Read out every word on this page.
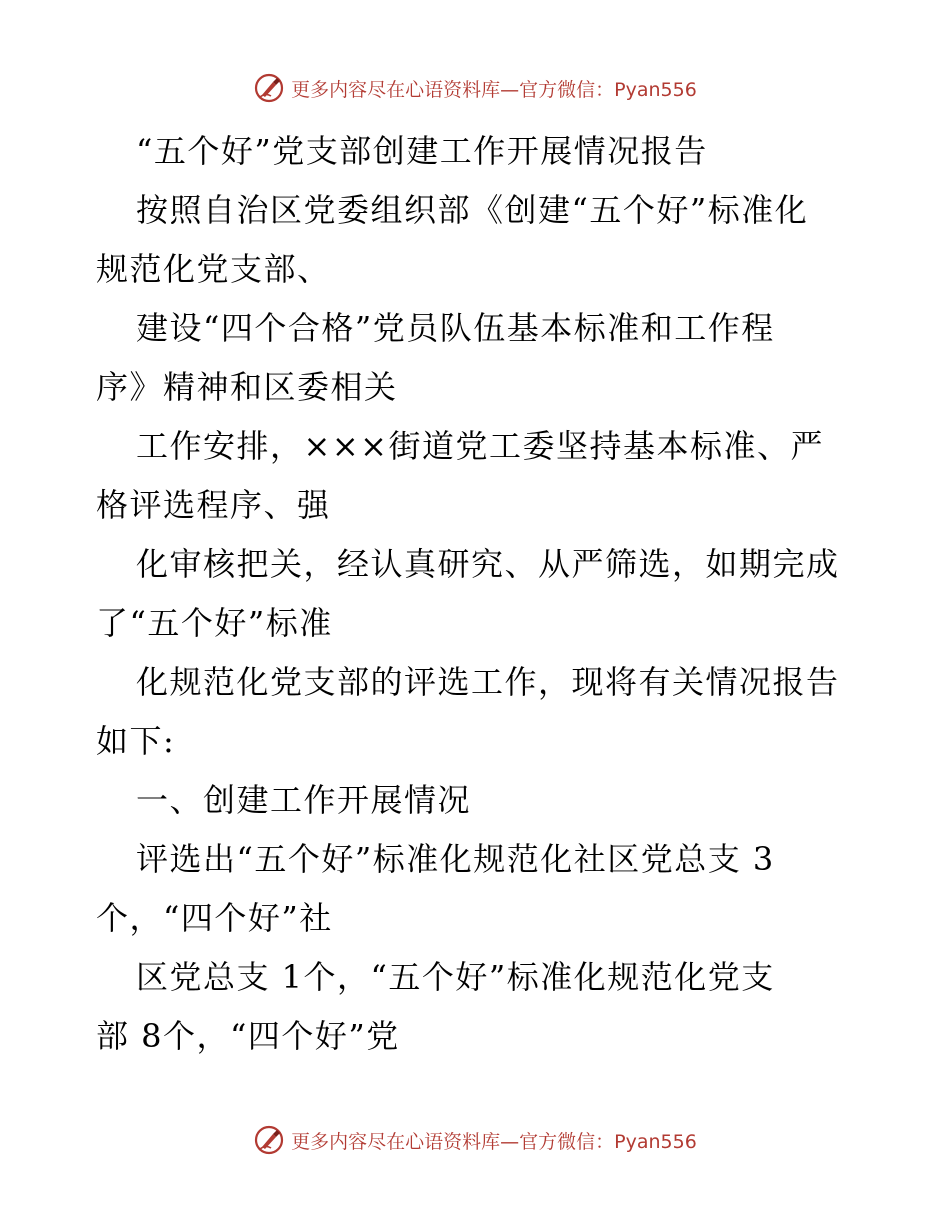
更多内容尽在心语资料库—官方微信：Pyan556
“五个好”党支部创建工作开展情况报告
按照自治区党委组织部《创建“五个好”标准化
规范化党支部、
建设“四个合格”党员队伍基本标准和工作程
序》精神和区委相关
工作安排，×××街道党工委坚持基本标准、严
格评选程序、强
化审核把关，经认真研究、从严筛选，如期完成
了“五个好”标准
化规范化党支部的评选工作，现将有关情况报告
如下:
一、创建工作开展情况
评选出“五个好”标准化规范化社区党总支 3
个，“四个好”社
区党总支 1个，“五个好”标准化规范化党支
部 8个，“四个好”党
更多内容尽在心语资料库—官方微信：Pyan556
